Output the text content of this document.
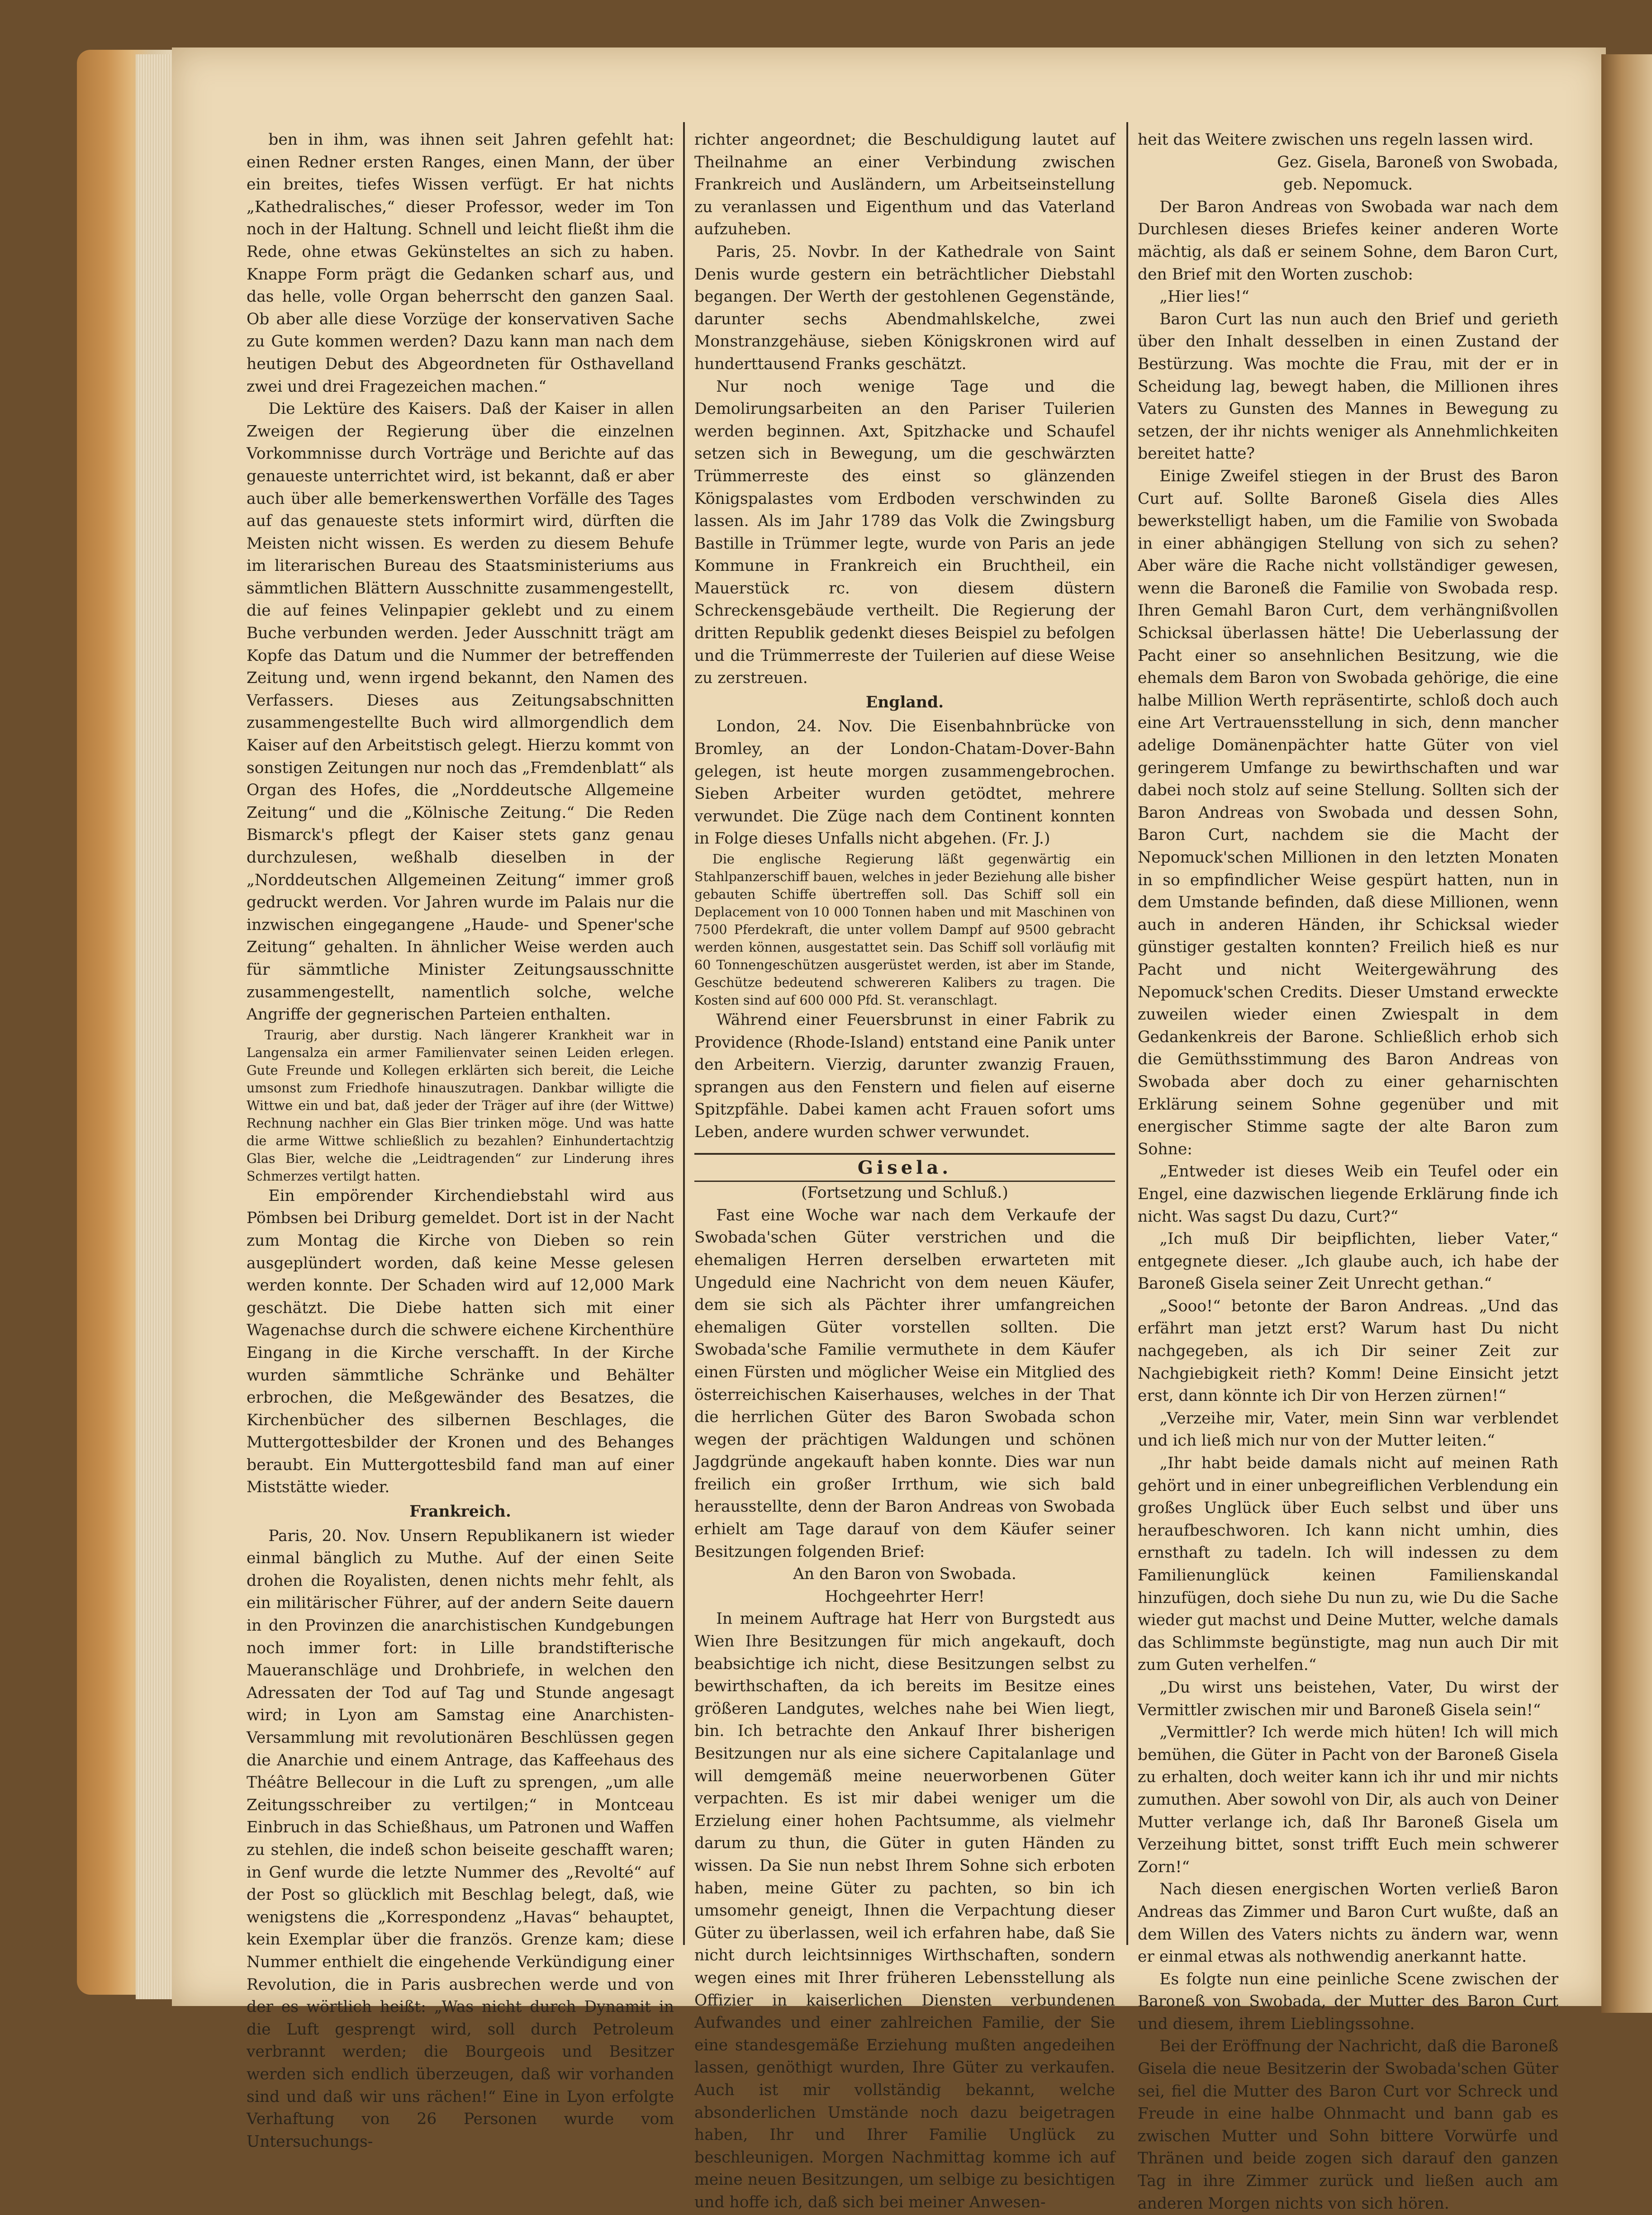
ben in ihm, was ihnen seit Jahren gefehlt hat: einen Redner ersten Ranges, einen Mann, der über ein breites, tiefes Wissen verfügt. Er hat nichts „Kathedralisches,“ dieser Professor, weder im Ton noch in der Haltung. Schnell und leicht fließt ihm die Rede, ohne etwas Gekünsteltes an sich zu haben. Knappe Form prägt die Gedanken scharf aus, und das helle, volle Organ beherrscht den ganzen Saal. Ob aber alle diese Vorzüge der konservativen Sache zu Gute kommen werden? Dazu kann man nach dem heutigen Debut des Abgeordneten für Osthavelland zwei und drei Fragezeichen machen.“

Die Lektüre des Kaisers. Daß der Kaiser in allen Zweigen der Regierung über die einzelnen Vorkommnisse durch Vorträge und Berichte auf das genaueste unterrichtet wird, ist bekannt, daß er aber auch über alle bemerkenswerthen Vorfälle des Tages auf das genaueste stets informirt wird, dürften die Meisten nicht wissen. Es werden zu diesem Behufe im literarischen Bureau des Staatsministeriums aus sämmtlichen Blättern Ausschnitte zusammengestellt, die auf feines Velinpapier geklebt und zu einem Buche verbunden werden. Jeder Ausschnitt trägt am Kopfe das Datum und die Nummer der betreffenden Zeitung und, wenn irgend bekannt, den Namen des Verfassers. Dieses aus Zeitungsabschnitten zusammengestellte Buch wird allmorgendlich dem Kaiser auf den Arbeitstisch gelegt. Hierzu kommt von sonstigen Zeitungen nur noch das „Fremdenblatt“ als Organ des Hofes, die „Norddeutsche Allgemeine Zeitung“ und die „Kölnische Zeitung.“ Die Reden Bismarck's pflegt der Kaiser stets ganz genau durchzulesen, weßhalb dieselben in der „Norddeutschen Allgemeinen Zeitung“ immer groß gedruckt werden. Vor Jahren wurde im Palais nur die inzwischen eingegangene „Haude- und Spener'sche Zeitung“ gehalten. In ähnlicher Weise werden auch für sämmtliche Minister Zeitungsausschnitte zusammengestellt, namentlich solche, welche Angriffe der gegnerischen Parteien enthalten.

Traurig, aber durstig. Nach längerer Krankheit war in Langensalza ein armer Familienvater seinen Leiden erlegen. Gute Freunde und Kollegen erklärten sich bereit, die Leiche umsonst zum Friedhofe hinauszutragen. Dankbar willigte die Wittwe ein und bat, daß jeder der Träger auf ihre (der Wittwe) Rechnung nachher ein Glas Bier trinken möge. Und was hatte die arme Wittwe schließlich zu bezahlen? Einhundertachtzig Glas Bier, welche die „Leidtragenden“ zur Linderung ihres Schmerzes vertilgt hatten.

Ein empörender Kirchendiebstahl wird aus Pömbsen bei Driburg gemeldet. Dort ist in der Nacht zum Montag die Kirche von Dieben so rein ausgeplündert worden, daß keine Messe gelesen werden konnte. Der Schaden wird auf 12,000 Mark geschätzt. Die Diebe hatten sich mit einer Wagenachse durch die schwere eichene Kirchenthüre Eingang in die Kirche verschafft. In der Kirche wurden sämmtliche Schränke und Behälter erbrochen, die Meßgewänder des Besatzes, die Kirchenbücher des silbernen Beschlages, die Muttergottesbilder der Kronen und des Behanges beraubt. Ein Muttergottesbild fand man auf einer Miststätte wieder.

Frankreich.

Paris, 20. Nov. Unsern Republikanern ist wieder einmal bänglich zu Muthe. Auf der einen Seite drohen die Royalisten, denen nichts mehr fehlt, als ein militärischer Führer, auf der andern Seite dauern in den Provinzen die anarchistischen Kundgebungen noch immer fort: in Lille brandstifterische Maueranschläge und Drohbriefe, in welchen den Adressaten der Tod auf Tag und Stunde angesagt wird; in Lyon am Samstag eine Anarchisten-Versammlung mit revolutionären Beschlüssen gegen die Anarchie und einem Antrage, das Kaffeehaus des Théâtre Bellecour in die Luft zu sprengen, „um alle Zeitungsschreiber zu vertilgen;“ in Montceau Einbruch in das Schießhaus, um Patronen und Waffen zu stehlen, die indeß schon beiseite geschafft waren; in Genf wurde die letzte Nummer des „Revolté“ auf der Post so glücklich mit Beschlag belegt, daß, wie wenigstens die „Korrespondenz „Havas“ behauptet, kein Exemplar über die französ. Grenze kam; diese Nummer enthielt die eingehende Verkündigung einer Revolution, die in Paris ausbrechen werde und von der es wörtlich heißt: „Was nicht durch Dynamit in die Luft gesprengt wird, soll durch Petroleum verbrannt werden; die Bourgeois und Besitzer werden sich endlich überzeugen, daß wir vorhanden sind und daß wir uns rächen!“ Eine in Lyon erfolgte Verhaftung von 26 Personen wurde vom Untersuchungs-

richter angeordnet; die Beschuldigung lautet auf Theilnahme an einer Verbindung zwischen Frankreich und Ausländern, um Arbeitseinstellung zu veranlassen und Eigenthum und das Vaterland aufzuheben.

Paris, 25. Novbr. In der Kathedrale von Saint Denis wurde gestern ein beträchtlicher Diebstahl begangen. Der Werth der gestohlenen Gegenstände, darunter sechs Abendmahlskelche, zwei Monstranzgehäuse, sieben Königskronen wird auf hunderttausend Franks geschätzt.

Nur noch wenige Tage und die Demolirungsarbeiten an den Pariser Tuilerien werden beginnen. Axt, Spitzhacke und Schaufel setzen sich in Bewegung, um die geschwärzten Trümmerreste des einst so glänzenden Königspalastes vom Erdboden verschwinden zu lassen. Als im Jahr 1789 das Volk die Zwingsburg Bastille in Trümmer legte, wurde von Paris an jede Kommune in Frankreich ein Bruchtheil, ein Mauerstück rc. von diesem düstern Schreckensgebäude vertheilt. Die Regierung der dritten Republik gedenkt dieses Beispiel zu befolgen und die Trümmerreste der Tuilerien auf diese Weise zu zerstreuen.

England.

London, 24. Nov. Die Eisenbahnbrücke von Bromley, an der London-Chatam-Dover-Bahn gelegen, ist heute morgen zusammengebrochen. Sieben Arbeiter wurden getödtet, mehrere verwundet. Die Züge nach dem Continent konnten in Folge dieses Unfalls nicht abgehen. (Fr. J.)

Die englische Regierung läßt gegenwärtig ein Stahlpanzerschiff bauen, welches in jeder Beziehung alle bisher gebauten Schiffe übertreffen soll. Das Schiff soll ein Deplacement von 10 000 Tonnen haben und mit Maschinen von 7500 Pferdekraft, die unter vollem Dampf auf 9500 gebracht werden können, ausgestattet sein. Das Schiff soll vorläufig mit 60 Tonnengeschützen ausgerüstet werden, ist aber im Stande, Geschütze bedeutend schwereren Kalibers zu tragen. Die Kosten sind auf 600 000 Pfd. St. veranschlagt.

Während einer Feuersbrunst in einer Fabrik zu Providence (Rhode-Island) entstand eine Panik unter den Arbeitern. Vierzig, darunter zwanzig Frauen, sprangen aus den Fenstern und fielen auf eiserne Spitzpfähle. Dabei kamen acht Frauen sofort ums Leben, andere wurden schwer verwundet.

Gisela.

(Fortsetzung und Schluß.)

Fast eine Woche war nach dem Verkaufe der Swobada'schen Güter verstrichen und die ehemaligen Herren derselben erwarteten mit Ungeduld eine Nachricht von dem neuen Käufer, dem sie sich als Pächter ihrer umfangreichen ehemaligen Güter vorstellen sollten. Die Swobada'sche Familie vermuthete in dem Käufer einen Fürsten und möglicher Weise ein Mitglied des österreichischen Kaiserhauses, welches in der That die herrlichen Güter des Baron Swobada schon wegen der prächtigen Waldungen und schönen Jagdgründe angekauft haben konnte. Dies war nun freilich ein großer Irrthum, wie sich bald herausstellte, denn der Baron Andreas von Swobada erhielt am Tage darauf von dem Käufer seiner Besitzungen folgenden Brief:

An den Baron von Swobada.

Hochgeehrter Herr!

In meinem Auftrage hat Herr von Burgstedt aus Wien Ihre Besitzungen für mich angekauft, doch beabsichtige ich nicht, diese Besitzungen selbst zu bewirthschaften, da ich bereits im Besitze eines größeren Landgutes, welches nahe bei Wien liegt, bin. Ich betrachte den Ankauf Ihrer bisherigen Besitzungen nur als eine sichere Capitalanlage und will demgemäß meine neuerworbenen Güter verpachten. Es ist mir dabei weniger um die Erzielung einer hohen Pachtsumme, als vielmehr darum zu thun, die Güter in guten Händen zu wissen. Da Sie nun nebst Ihrem Sohne sich erboten haben, meine Güter zu pachten, so bin ich umsomehr geneigt, Ihnen die Verpachtung dieser Güter zu überlassen, weil ich erfahren habe, daß Sie nicht durch leichtsinniges Wirthschaften, sondern wegen eines mit Ihrer früheren Lebensstellung als Offizier in kaiserlichen Diensten verbundenen Aufwandes und einer zahlreichen Familie, der Sie eine standesgemäße Erziehung mußten angedeihen lassen, genöthigt wurden, Ihre Güter zu verkaufen. Auch ist mir vollständig bekannt, welche absonderlichen Umstände noch dazu beigetragen haben, Ihr und Ihrer Familie Unglück zu beschleunigen. Morgen Nachmittag komme ich auf meine neuen Besitzungen, um selbige zu besichtigen und hoffe ich, daß sich bei meiner Anwesen-

heit das Weitere zwischen uns regeln lassen wird.

Gez. Gisela, Baroneß von Swobada,

geb. Nepomuck.

Der Baron Andreas von Swobada war nach dem Durchlesen dieses Briefes keiner anderen Worte mächtig, als daß er seinem Sohne, dem Baron Curt, den Brief mit den Worten zuschob:

„Hier lies!“

Baron Curt las nun auch den Brief und gerieth über den Inhalt desselben in einen Zustand der Bestürzung. Was mochte die Frau, mit der er in Scheidung lag, bewegt haben, die Millionen ihres Vaters zu Gunsten des Mannes in Bewegung zu setzen, der ihr nichts weniger als Annehmlichkeiten bereitet hatte?

Einige Zweifel stiegen in der Brust des Baron Curt auf. Sollte Baroneß Gisela dies Alles bewerkstelligt haben, um die Familie von Swobada in einer abhängigen Stellung von sich zu sehen? Aber wäre die Rache nicht vollständiger gewesen, wenn die Baroneß die Familie von Swobada resp. Ihren Gemahl Baron Curt, dem verhängnißvollen Schicksal überlassen hätte! Die Ueberlassung der Pacht einer so ansehnlichen Besitzung, wie die ehemals dem Baron von Swobada gehörige, die eine halbe Million Werth repräsentirte, schloß doch auch eine Art Vertrauensstellung in sich, denn mancher adelige Domänenpächter hatte Güter von viel geringerem Umfange zu bewirthschaften und war dabei noch stolz auf seine Stellung. Sollten sich der Baron Andreas von Swobada und dessen Sohn, Baron Curt, nachdem sie die Macht der Nepomuck'schen Millionen in den letzten Monaten in so empfindlicher Weise gespürt hatten, nun in dem Umstande befinden, daß diese Millionen, wenn auch in anderen Händen, ihr Schicksal wieder günstiger gestalten konnten? Freilich hieß es nur Pacht und nicht Weitergewährung des Nepomuck'schen Credits. Dieser Umstand erweckte zuweilen wieder einen Zwiespalt in dem Gedankenkreis der Barone. Schließlich erhob sich die Gemüthsstimmung des Baron Andreas von Swobada aber doch zu einer geharnischten Erklärung seinem Sohne gegenüber und mit energischer Stimme sagte der alte Baron zum Sohne:

„Entweder ist dieses Weib ein Teufel oder ein Engel, eine dazwischen liegende Erklärung finde ich nicht. Was sagst Du dazu, Curt?“

„Ich muß Dir beipflichten, lieber Vater,“ entgegnete dieser. „Ich glaube auch, ich habe der Baroneß Gisela seiner Zeit Unrecht gethan.“

„Sooo!“ betonte der Baron Andreas. „Und das erfährt man jetzt erst? Warum hast Du nicht nachgegeben, als ich Dir seiner Zeit zur Nachgiebigkeit rieth? Komm! Deine Einsicht jetzt erst, dann könnte ich Dir von Herzen zürnen!“

„Verzeihe mir, Vater, mein Sinn war verblendet und ich ließ mich nur von der Mutter leiten.“

„Ihr habt beide damals nicht auf meinen Rath gehört und in einer unbegreiflichen Verblendung ein großes Unglück über Euch selbst und über uns heraufbeschworen. Ich kann nicht umhin, dies ernsthaft zu tadeln. Ich will indessen zu dem Familienunglück keinen Familienskandal hinzufügen, doch siehe Du nun zu, wie Du die Sache wieder gut machst und Deine Mutter, welche damals das Schlimmste begünstigte, mag nun auch Dir mit zum Guten verhelfen.“

„Du wirst uns beistehen, Vater, Du wirst der Vermittler zwischen mir und Baroneß Gisela sein!“

„Vermittler? Ich werde mich hüten! Ich will mich bemühen, die Güter in Pacht von der Baroneß Gisela zu erhalten, doch weiter kann ich ihr und mir nichts zumuthen. Aber sowohl von Dir, als auch von Deiner Mutter verlange ich, daß Ihr Baroneß Gisela um Verzeihung bittet, sonst trifft Euch mein schwerer Zorn!“

Nach diesen energischen Worten verließ Baron Andreas das Zimmer und Baron Curt wußte, daß an dem Willen des Vaters nichts zu ändern war, wenn er einmal etwas als nothwendig anerkannt hatte.

Es folgte nun eine peinliche Scene zwischen der Baroneß von Swobada, der Mutter des Baron Curt und diesem, ihrem Lieblingssohne.

Bei der Eröffnung der Nachricht, daß die Baroneß Gisela die neue Besitzerin der Swobada'schen Güter sei, fiel die Mutter des Baron Curt vor Schreck und Freude in eine halbe Ohnmacht und bann gab es zwischen Mutter und Sohn bittere Vorwürfe und Thränen und beide zogen sich darauf den ganzen Tag in ihre Zimmer zurück und ließen auch am anderen Morgen nichts von sich hören.
